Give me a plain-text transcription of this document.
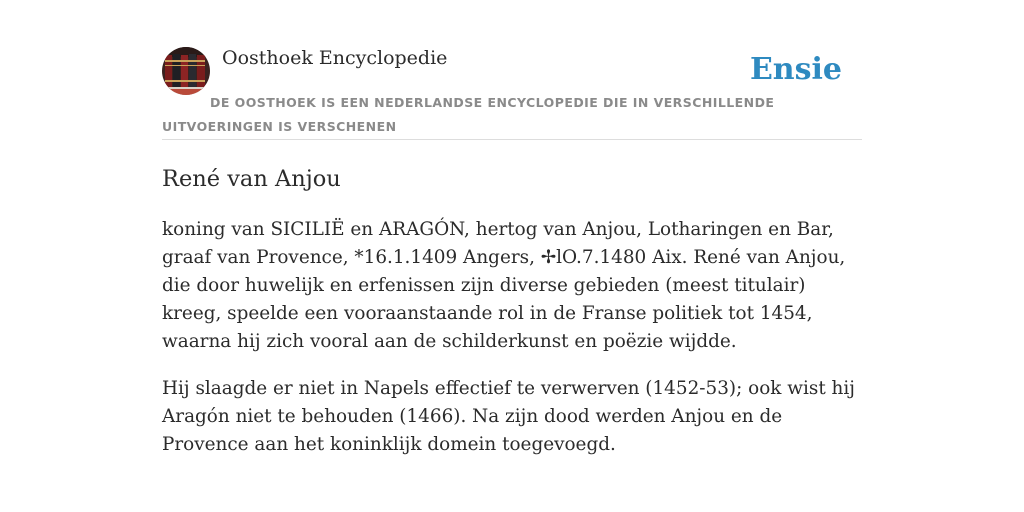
Oosthoek Encyclopedie	Ensie
DE OOSTHOEK IS EEN NEDERLANDSE ENCYCLOPEDIE DIE IN VERSCHILLENDE UITVOERINGEN IS VERSCHENEN
René van Anjou

koning van SICILIË en ARAGÓN, hertog van Anjou, Lotharingen en Bar, graaf van Provence, *16.1.1409 Angers, ✢lO.7.1480 Aix. René van Anjou, die door huwelijk en erfenissen zijn diverse gebieden (meest titulair) kreeg, speelde een vooraanstaande rol in de Franse politiek tot 1454, waarna hij zich vooral aan de schilderkunst en poëzie wijdde.

Hij slaagde er niet in Napels effectief te verwerven (1452-53); ook wist hij Aragón niet te behouden (1466). Na zijn dood werden Anjou en de Provence aan het koninklijk domein toegevoegd.
